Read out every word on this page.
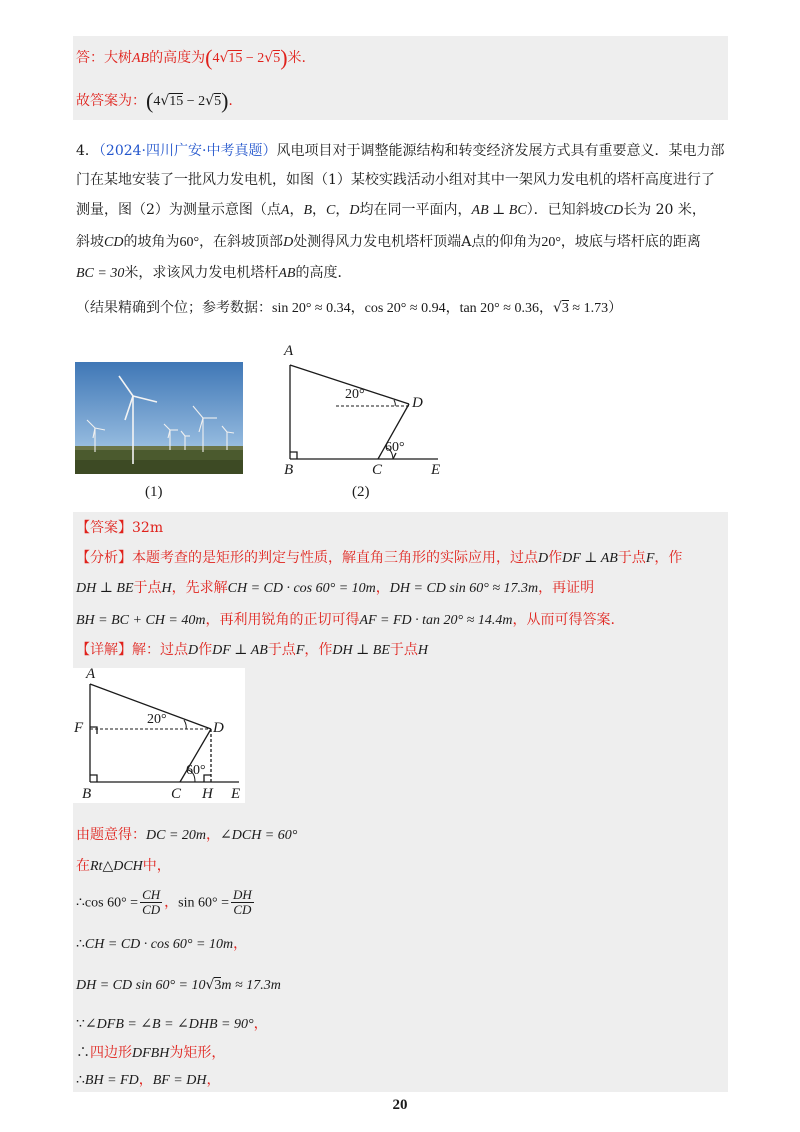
答：大树AB的高度为(4√15 − 2√5)米.
故答案为：(4√15 − 2√5).
4．（2024·四川广安·中考真题）风电项目对于调整能源结构和转变经济发展方式具有重要意义．某电力部
门在某地安装了一批风力发电机，如图（1）某校实践活动小组对其中一架风力发电机的塔杆高度进行了
测量，图（2）为测量示意图（点A，B，C，D均在同一平面内，AB ⊥ BC）．已知斜坡CD长为 20 米，
斜坡CD的坡角为60°，在斜坡顶部D处测得风力发电机塔杆顶端A点的仰角为20°，坡底与塔杆底的距离
BC = 30米，求该风力发电机塔杆AB的高度．
（结果精确到个位；参考数据：sin 20° ≈ 0.34，cos 20° ≈ 0.94，tan 20° ≈ 0.36，√3 ≈ 1.73）
(1)
A
B	C
D
E
20°
60°
(2)
【答案】32m
【分析】本题考查的是矩形的判定与性质，解直角三角形的实际应用，过点D作DF ⊥ AB于点F，作
DH ⊥ BE于点H，先求解CH = CD · cos 60° = 10m，DH = CD sin 60° ≈ 17.3m，再证明
BH = BC + CH = 40m，再利用锐角的正切可得AF = FD · tan 20° ≈ 14.4m，从而可得答案.
【详解】解：过点D作DF ⊥ AB于点F，作DH ⊥ BE于点H
A
F	D
B	C H E
20°
60°
由题意得：DC = 20m，∠DCH = 60°
在Rt△DCH中，
∴cos $60^\circ = \frac{CH}{CD}$ ，$\sin 60^\circ = \frac{DH}{CD}$
∴CH = CD · cos 60° = 10m，
DH = CD sin 60° = 10√3m ≈ 17.3m
∵∠DFB = ∠B = ∠DHB = 90°，
∴四边形DFBH为矩形，
∴BH = FD，BF = DH，
20
